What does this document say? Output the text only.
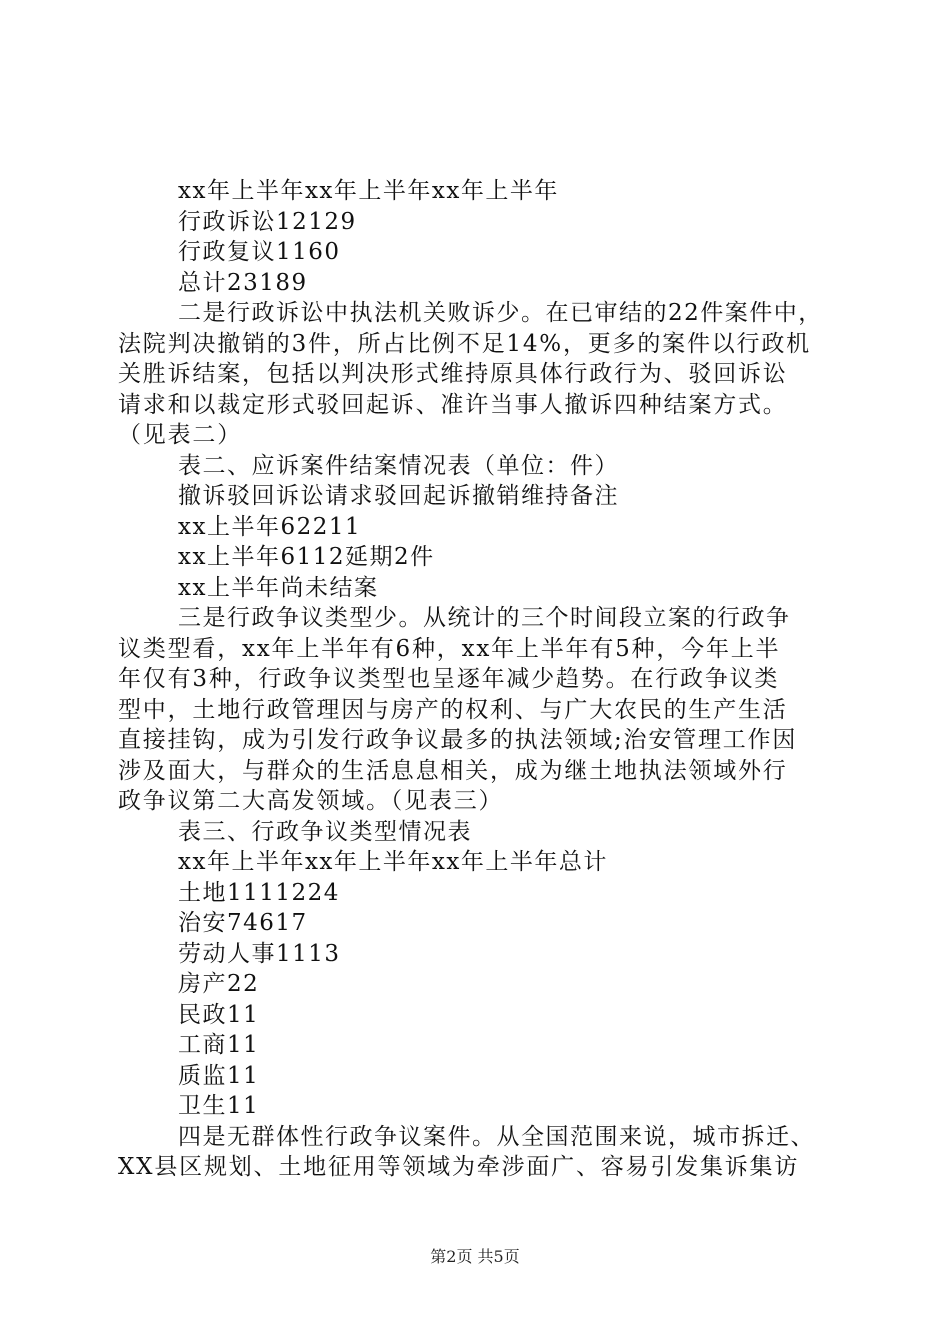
xx年上半年xx年上半年xx年上半年
行政诉讼12129
行政复议1160
总计23189
二是行政诉讼中执法机关败诉少。在已审结的22件案件中，
法院判决撤销的3件，所占比例不足14%，更多的案件以行政机
关胜诉结案，包括以判决形式维持原具体行政行为、驳回诉讼
请求和以裁定形式驳回起诉、准许当事人撤诉四种结案方式。
（见表二）
表二、应诉案件结案情况表（单位：件）
撤诉驳回诉讼请求驳回起诉撤销维持备注
xx上半年62211
xx上半年6112延期2件
xx上半年尚未结案
三是行政争议类型少。从统计的三个时间段立案的行政争
议类型看，xx年上半年有6种，xx年上半年有5种，今年上半
年仅有3种，行政争议类型也呈逐年减少趋势。在行政争议类
型中，土地行政管理因与房产的权利、与广大农民的生产生活
直接挂钩，成为引发行政争议最多的执法领域;治安管理工作因
涉及面大，与群众的生活息息相关，成为继土地执法领域外行
政争议第二大高发领域。（见表三）
表三、行政争议类型情况表
xx年上半年xx年上半年xx年上半年总计
土地1111224
治安74617
劳动人事1113
房产22
民政11
工商11
质监11
卫生11
四是无群体性行政争议案件。从全国范围来说，城市拆迁、
XX县区规划、土地征用等领域为牵涉面广、容易引发集诉集访
第2页 共5页
